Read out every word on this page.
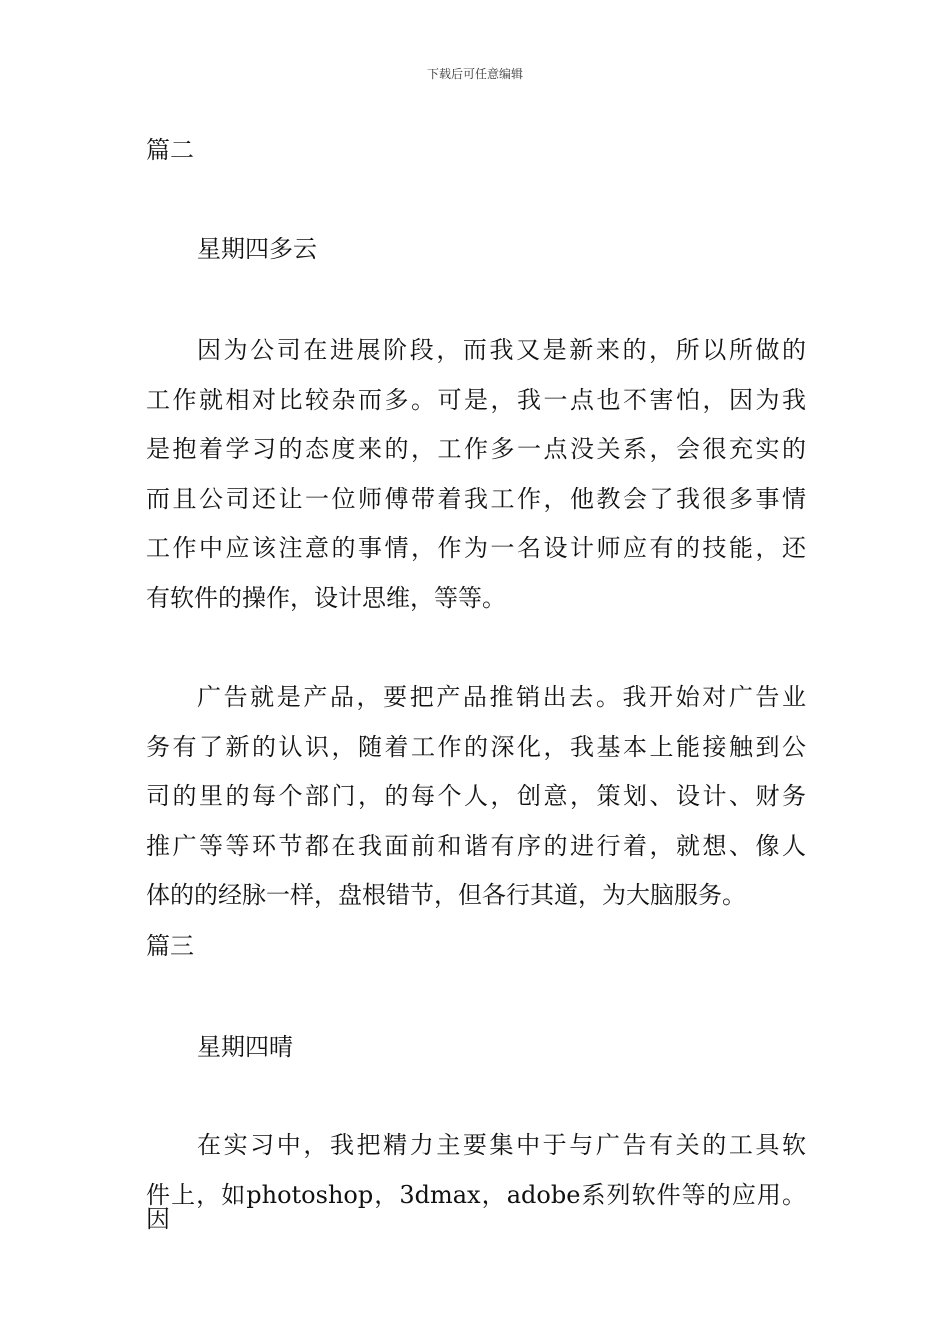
下载后可任意编辑
篇二
星期四多云
因为公司在进展阶段，而我又是新来的，所以所做的
工作就相对比较杂而多。可是，我一点也不害怕，因为我
是抱着学习的态度来的，工作多一点没关系，会很充实的
而且公司还让一位师傅带着我工作，他教会了我很多事情
工作中应该注意的事情，作为一名设计师应有的技能，还
有软件的操作，设计思维，等等。
广告就是产品，要把产品推销出去。我开始对广告业
务有了新的认识，随着工作的深化，我基本上能接触到公
司的里的每个部门，的每个人，创意，策划、设计、财务
推广等等环节都在我面前和谐有序的进行着，就想、像人
体的的经脉一样，盘根错节，但各行其道，为大脑服务。
篇三
星期四晴
在实习中，我把精力主要集中于与广告有关的工具软
件上，如photoshop，3dmax，adobe系列软件等的应用。因
